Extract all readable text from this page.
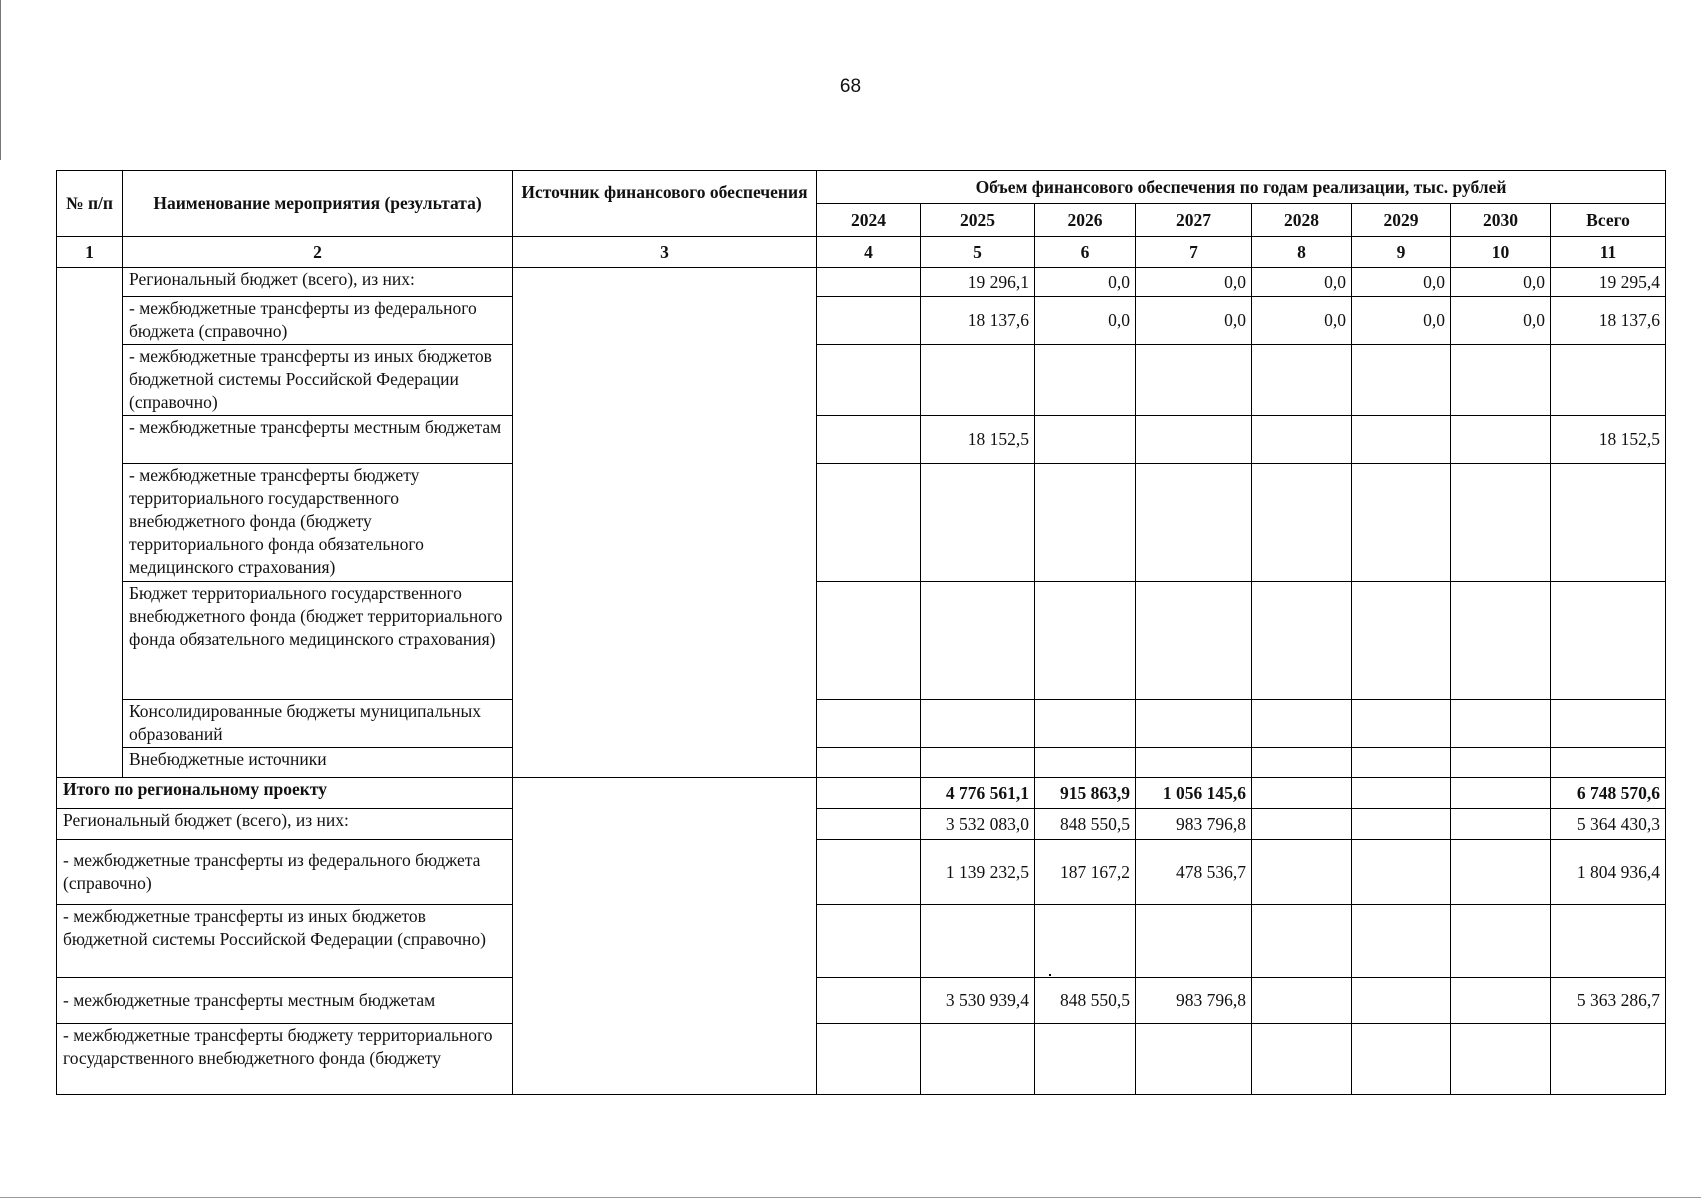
68
№ п/п	Наименование мероприятия (результата)	Источник финансового обеспечения	Объем финансового обеспечения по годам реализации, тыс. рублей							
			2024	2025	2026	2027	2028	2029	2030	Всего
1	2	3	4	5	6	7	8	9	10	11
	Региональный бюджет (всего), из них:			19 296,1	0,0	0,0	0,0	0,0	0,0	19 295,4
	- межбюджетные трансферты из федерального бюджета (справочно)			18 137,6	0,0	0,0	0,0	0,0	0,0	18 137,6
	- межбюджетные трансферты из иных бюджетов бюджетной системы Российской Федерации (справочно)									
	- межбюджетные трансферты местным бюджетам			18 152,5						18 152,5
	- межбюджетные трансферты бюджету территориального государственного внебюджетного фонда (бюджету территориального фонда обязательного медицинского страхования)									
	Бюджет территориального государственного внебюджетного фонда (бюджет территориального фонда обязательного медицинского страхования)									
	Консолидированные бюджеты муниципальных образований									
	Внебюджетные источники									
Итого по региональному проекту				4 776 561,1	915 863,9	1 056 145,6				6 748 570,6
Региональный бюджет (всего), из них:				3 532 083,0	848 550,5	983 796,8				5 364 430,3
- межбюджетные трансферты из федерального бюджета (справочно)				1 139 232,5	187 167,2	478 536,7				1 804 936,4
- межбюджетные трансферты из иных бюджетов бюджетной системы Российской Федерации (справочно)										
- межбюджетные трансферты местным бюджетам				3 530 939,4	848 550,5	983 796,8				5 363 286,7
- межбюджетные трансферты бюджету территориального государственного внебюджетного фонда (бюджету										
